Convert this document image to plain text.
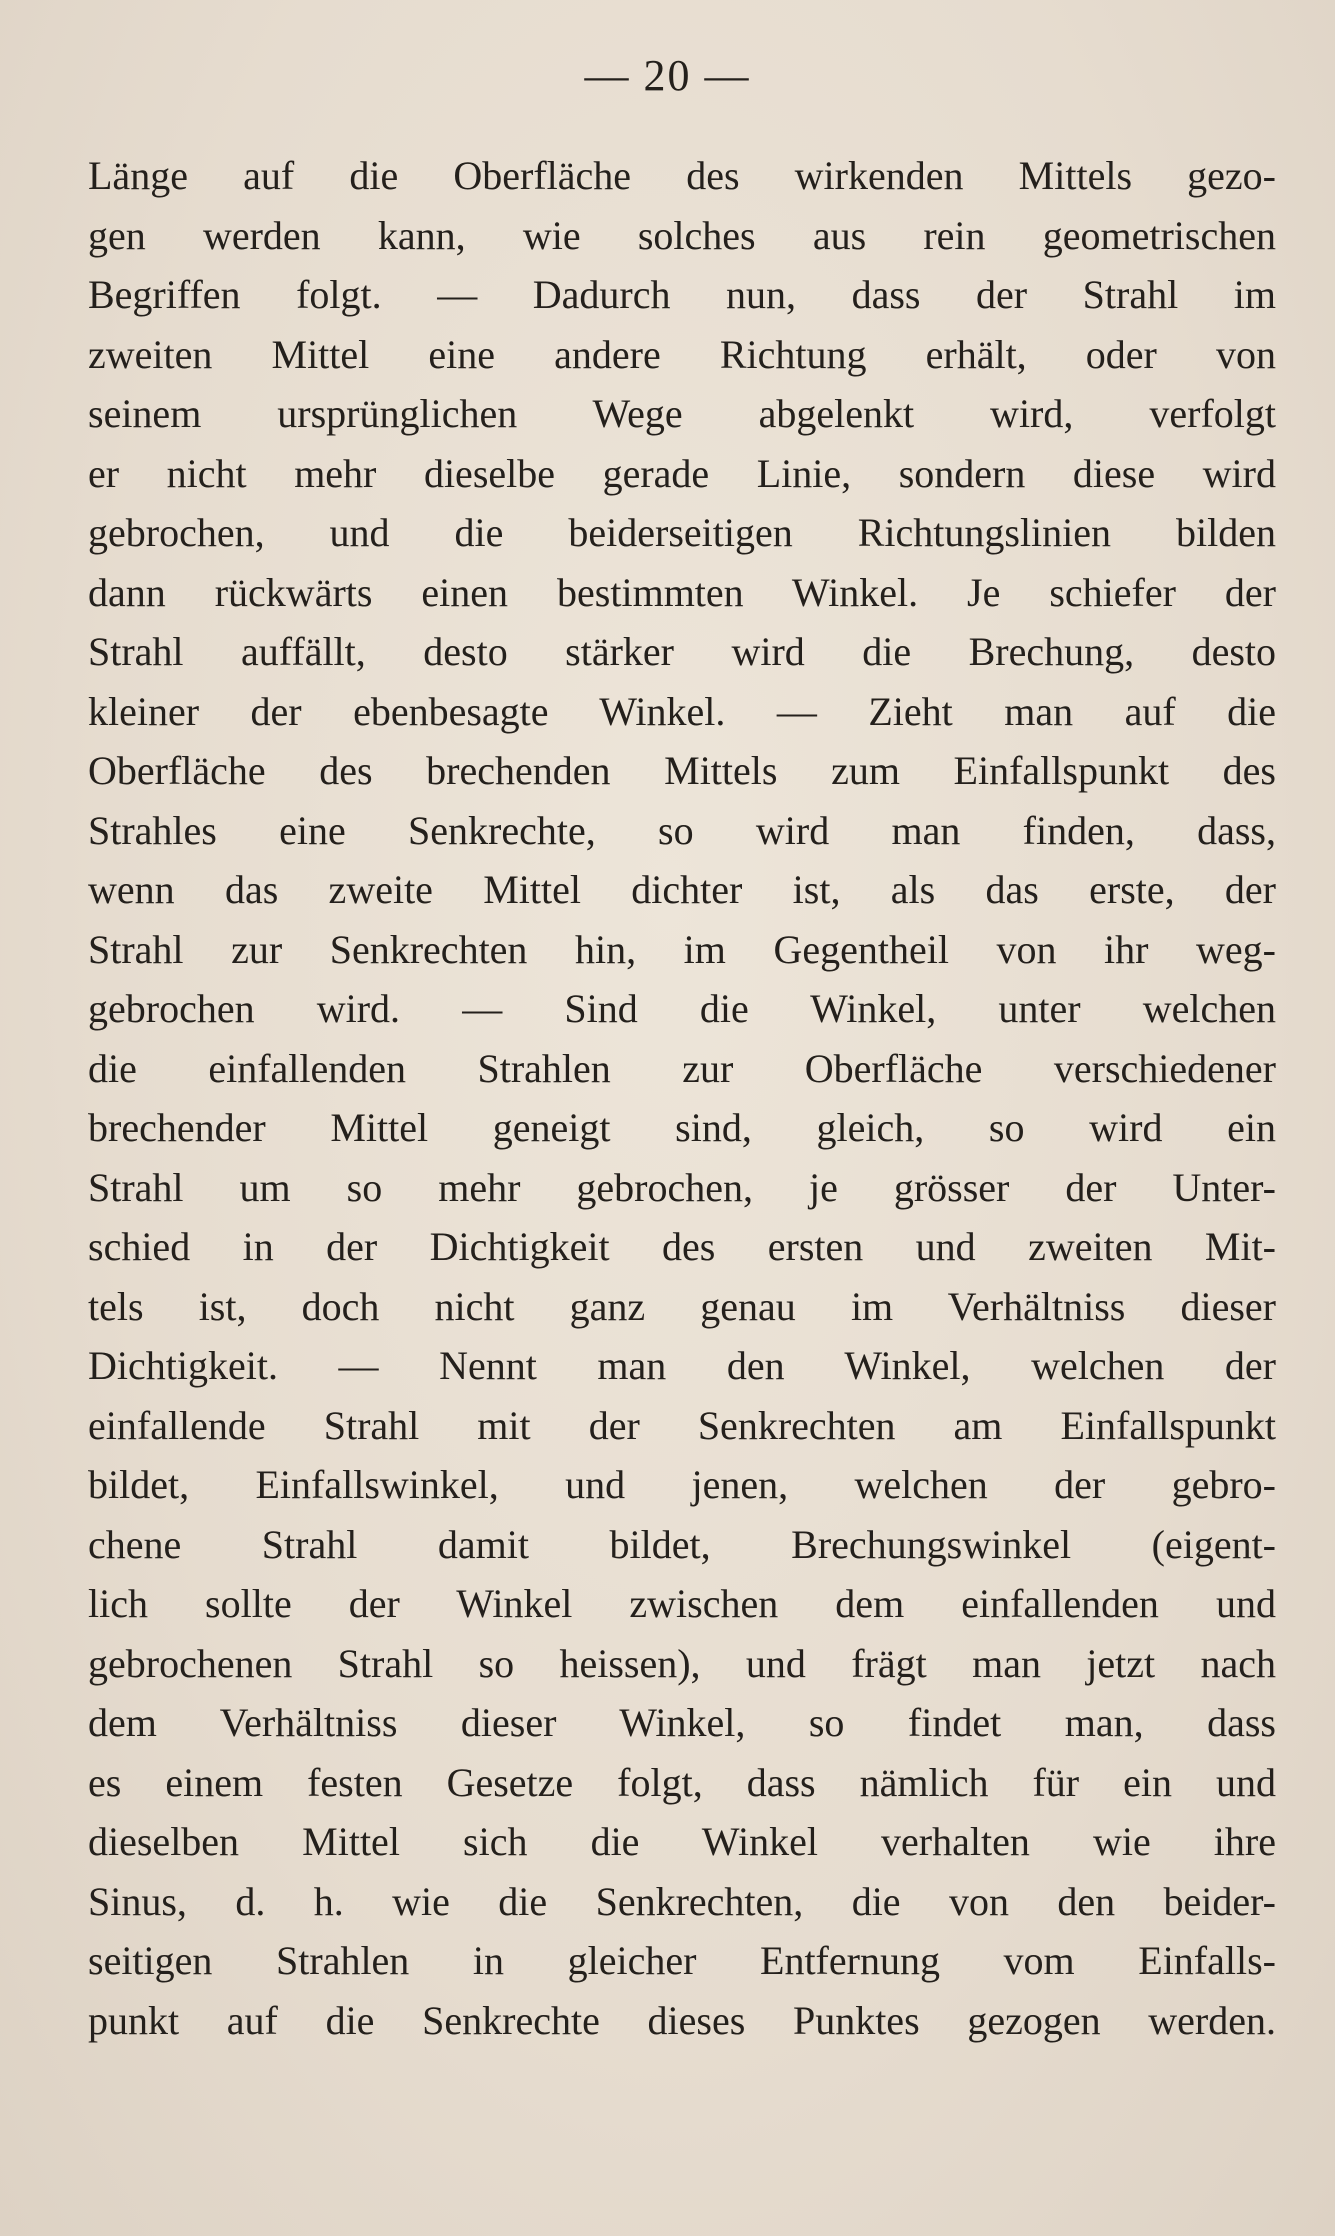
— 20 —
Länge auf die Oberfläche des wirkenden Mittels gezo-
gen werden kann, wie solches aus rein geometrischen
Begriffen folgt. — Dadurch nun, dass der Strahl im
zweiten Mittel eine andere Richtung erhält, oder von
seinem ursprünglichen Wege abgelenkt wird, verfolgt
er nicht mehr dieselbe gerade Linie, sondern diese wird
gebrochen, und die beiderseitigen Richtungslinien bilden
dann rückwärts einen bestimmten Winkel. Je schiefer der
Strahl auffällt, desto stärker wird die Brechung, desto
kleiner der ebenbesagte Winkel. — Zieht man auf die
Oberfläche des brechenden Mittels zum Einfallspunkt des
Strahles eine Senkrechte, so wird man finden, dass,
wenn das zweite Mittel dichter ist, als das erste, der
Strahl zur Senkrechten hin, im Gegentheil von ihr weg-
gebrochen wird. — Sind die Winkel, unter welchen
die einfallenden Strahlen zur Oberfläche verschiedener
brechender Mittel geneigt sind, gleich, so wird ein
Strahl um so mehr gebrochen, je grösser der Unter-
schied in der Dichtigkeit des ersten und zweiten Mit-
tels ist, doch nicht ganz genau im Verhältniss dieser
Dichtigkeit. — Nennt man den Winkel, welchen der
einfallende Strahl mit der Senkrechten am Einfallspunkt
bildet, Einfallswinkel, und jenen, welchen der gebro-
chene Strahl damit bildet, Brechungswinkel (eigent-
lich sollte der Winkel zwischen dem einfallenden und
gebrochenen Strahl so heissen), und frägt man jetzt nach
dem Verhältniss dieser Winkel, so findet man, dass
es einem festen Gesetze folgt, dass nämlich für ein und
dieselben Mittel sich die Winkel verhalten wie ihre
Sinus, d. h. wie die Senkrechten, die von den beider-
seitigen Strahlen in gleicher Entfernung vom Einfalls-
punkt auf die Senkrechte dieses Punktes gezogen werden.
